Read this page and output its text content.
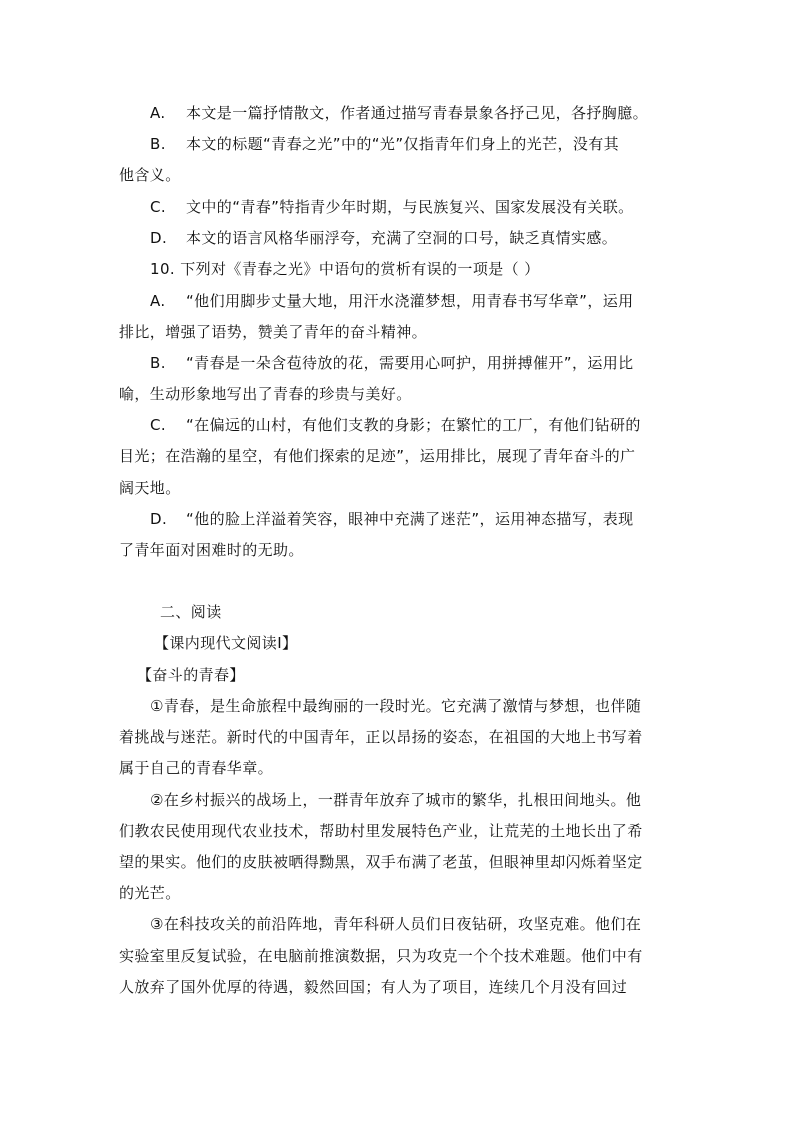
A. 本文是一篇抒情散文，作者通过描写青春景象各抒己见，各抒胸臆。
B. 本文的标题“青春之光”中的“光”仅指青年们身上的光芒，没有其
他含义。
C. 文中的“青春”特指青少年时期，与民族复兴、国家发展没有关联。
D. 本文的语言风格华丽浮夸，充满了空洞的口号，缺乏真情实感。
10. 下列对《青春之光》中语句的赏析有误的一项是（ ）
A. “他们用脚步丈量大地，用汗水浇灌梦想，用青春书写华章”，运用
排比，增强了语势，赞美了青年的奋斗精神。
B. “青春是一朵含苞待放的花，需要用心呵护，用拼搏催开”，运用比
喻，生动形象地写出了青春的珍贵与美好。
C. “在偏远的山村，有他们支教的身影；在繁忙的工厂，有他们钻研的
目光；在浩瀚的星空，有他们探索的足迹”，运用排比，展现了青年奋斗的广
阔天地。
D. “他的脸上洋溢着笑容，眼神中充满了迷茫”，运用神态描写，表现
了青年面对困难时的无助。
二、阅读
【课内现代文阅读Ⅰ】
【奋斗的青春】
①青春，是生命旅程中最绚丽的一段时光。它充满了激情与梦想，也伴随
着挑战与迷茫。新时代的中国青年，正以昂扬的姿态，在祖国的大地上书写着
属于自己的青春华章。
②在乡村振兴的战场上，一群青年放弃了城市的繁华，扎根田间地头。他
们教农民使用现代农业技术，帮助村里发展特色产业，让荒芜的土地长出了希
望的果实。他们的皮肤被晒得黝黑，双手布满了老茧，但眼神里却闪烁着坚定
的光芒。
③在科技攻关的前沿阵地，青年科研人员们日夜钻研，攻坚克难。他们在
实验室里反复试验，在电脑前推演数据，只为攻克一个个技术难题。他们中有
人放弃了国外优厚的待遇，毅然回国；有人为了项目，连续几个月没有回过
